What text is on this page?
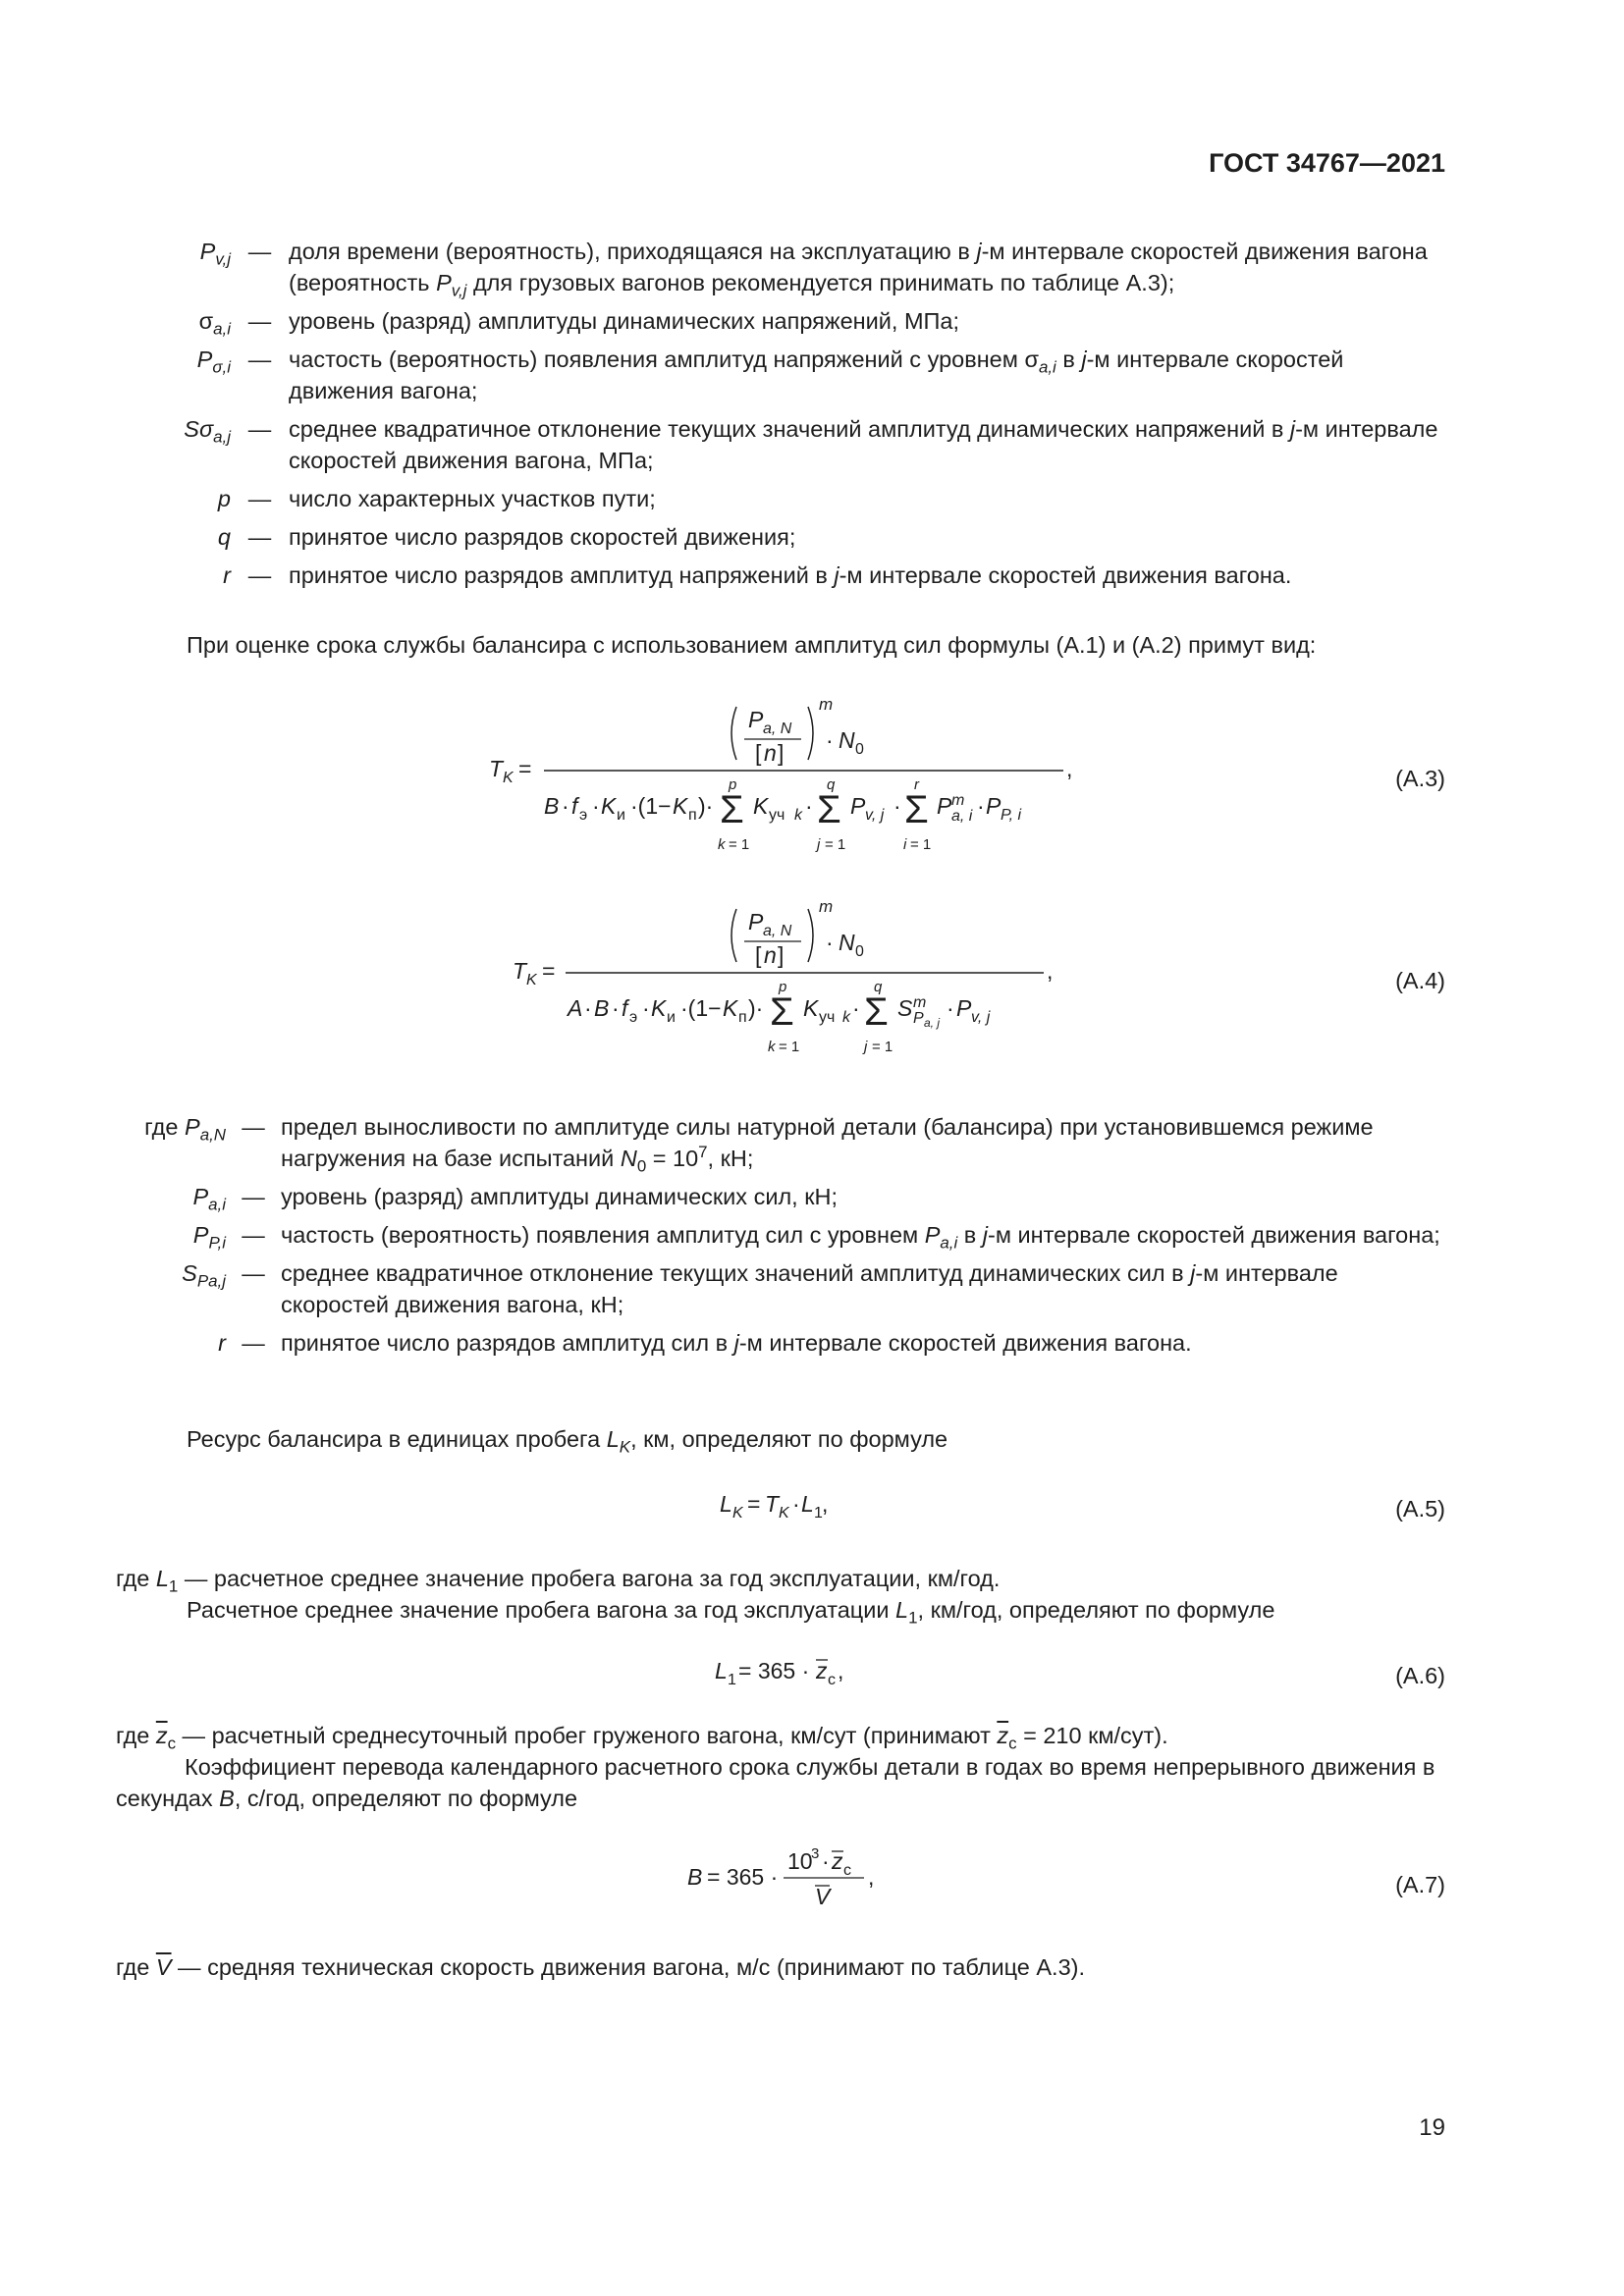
ГОСТ 34767—2021
$P_{v,j}$ — доля времени (вероятность), приходящаяся на эксплуатацию в j-м интервале скоростей движения вагона (вероятность $P_{v,j}$ для грузовых вагонов рекомендуется принимать по таблице А.3);
$\sigma_{a,i}$ — уровень (разряд) амплитуды динамических напряжений, МПа;
$P_{\sigma,i}$ — частость (вероятность) появления амплитуд напряжений с уровнем $\sigma_{a,i}$ в j-м интервале скоростей движения вагона;
$S\sigma_{a,j}$ — среднее квадратичное отклонение текущих значений амплитуд динамических напряжений в j-м интервале скоростей движения вагона, МПа;
p — число характерных участков пути;
q — принятое число разрядов скоростей движения;
r — принятое число разрядов амплитуд напряжений в j-м интервале скоростей движения вагона.
При оценке срока службы балансира с использованием амплитуд сил формулы (А.1) и (А.2) примут вид:
T K =
P a, N
[ n ]
m
· N 0
B · f э · K и ·(1− K п )· Σ
p
k = 1
K уч k · Σ
q
j = 1
P v, j · Σ
r
i = 1
P m
a, i · P P, i
,	(А.3)
T K =
P a, N
[ n ]
m
· N 0
A · B · f э · K и ·(1− K п )· Σ
p
k = 1
K уч k · Σ
q
j = 1
S m
P a, j
· P v, j
,	(А.4)
где $P_{a,N}$ — предел выносливости по амплитуде силы натурной детали (балансира) при установившемся режиме нагружения на базе испытаний $N_0 = 10^7$, кН;
$P_{a,i}$ — уровень (разряд) амплитуды динамических сил, кН;
$P_{P,i}$ — частость (вероятность) появления амплитуд сил с уровнем $P_{a,i}$ в j-м интервале скоростей движения вагона;
$S_{Pa,j}$ — среднее квадратичное отклонение текущих значений амплитуд динамических сил в j-м интервале скоростей движения вагона, кН;
r — принятое число разрядов амплитуд сил в j-м интервале скоростей движения вагона.
Ресурс балансира в единицах пробега $L_K$, км, определяют по формуле
L K = T K · L 1 ,	(А.5)
где $L_1$ — расчетное среднее значение пробега вагона за год эксплуатации, км/год.
Расчетное среднее значение пробега вагона за год эксплуатации $L_1$, км/год, определяют по формуле
L 1 = 365 · z c ,	(А.6)
где $\overline{z}_c$ — расчетный среднесуточный пробег груженого вагона, км/сут (принимают $\overline{z}_c = 210$ км/сут).
Коэффициент перевода календарного расчетного срока службы детали в годах во время непрерывного движения в секундах B, с/год, определяют по формуле
B = 365 ·
10
3 · z c
V
,	(А.7)
где $\overline{V}$ — средняя техническая скорость движения вагона, м/с (принимают по таблице А.3).
19
